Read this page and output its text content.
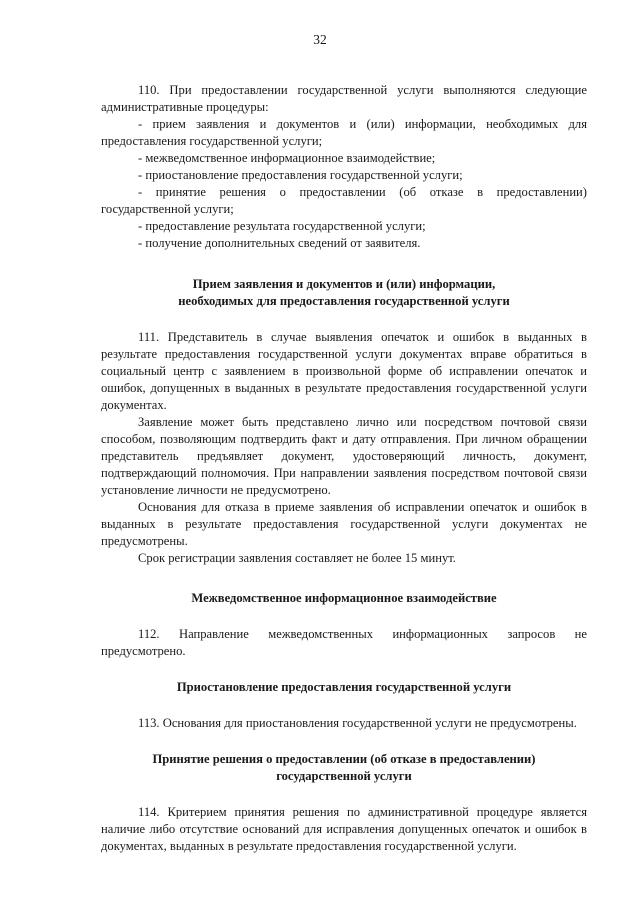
32

110. При предоставлении государственной услуги выполняются следующие административные процедуры:

- прием заявления и документов и (или) информации, необходимых для предоставления государственной услуги;

- межведомственное информационное взаимодействие;

- приостановление предоставления государственной услуги;

- принятие решения о предоставлении (об отказе в предоставлении) государственной услуги;

- предоставление результата государственной услуги;

- получение дополнительных сведений от заявителя.

Прием заявления и документов и (или) информации, необходимых для предоставления государственной услуги

111. Представитель в случае выявления опечаток и ошибок в выданных в результате предоставления государственной услуги документах вправе обратиться в социальный центр с заявлением в произвольной форме об исправлении опечаток и ошибок, допущенных в выданных в результате предоставления государственной услуги документах.

Заявление может быть представлено лично или посредством почтовой связи способом, позволяющим подтвердить факт и дату отправления. При личном обращении представитель предъявляет документ, удостоверяющий личность, документ, подтверждающий полномочия. При направлении заявления посредством почтовой связи установление личности не предусмотрено.

Основания для отказа в приеме заявления об исправлении опечаток и ошибок в выданных в результате предоставления государственной услуги документах не предусмотрены.

Срок регистрации заявления составляет не более 15 минут.

Межведомственное информационное взаимодействие

112. Направление межведомственных информационных запросов не предусмотрено.

Приостановление предоставления государственной услуги

113. Основания для приостановления государственной услуги не предусмотрены.

Принятие решения о предоставлении (об отказе в предоставлении) государственной услуги

114. Критерием принятия решения по административной процедуре является наличие либо отсутствие оснований для исправления допущенных опечаток и ошибок в документах, выданных в результате предоставления государственной услуги.
